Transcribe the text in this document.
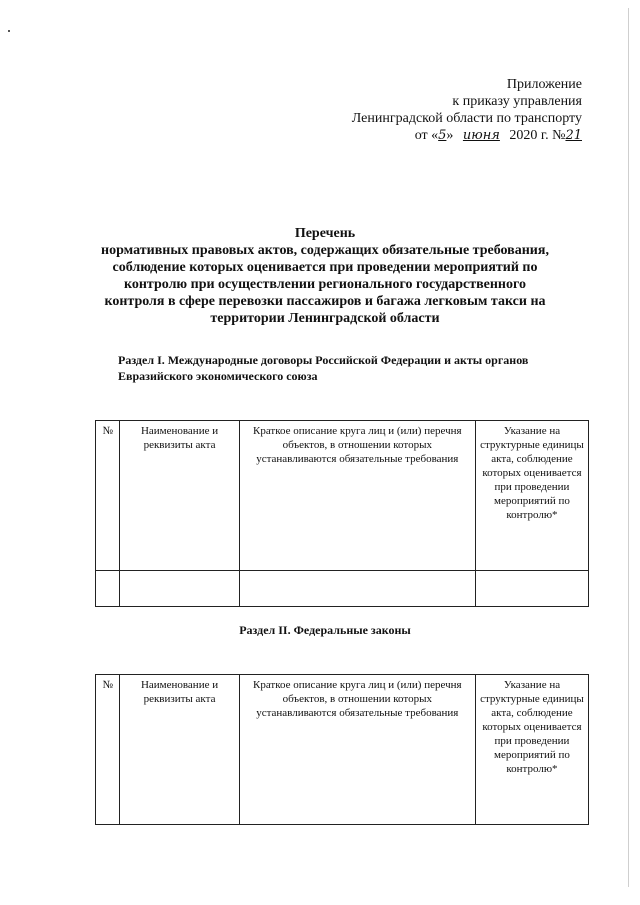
Приложение
к приказу управления
Ленинградской области по транспорту
от «5» июня 2020 г. №21
Перечень
нормативных правовых актов, содержащих обязательные требования,
соблюдение которых оценивается при проведении мероприятий по
контролю при осуществлении регионального государственного
контроля в сфере перевозки пассажиров и багажа легковым такси на
территории Ленинградской области
Раздел I. Международные договоры Российской Федерации и акты органов
Евразийского экономического союза
№	Наименование и реквизиты акта	Краткое описание круга лиц и (или) перечня объектов, в отношении которых устанавливаются обязательные требования	Указание на структурные единицы акта, соблюдение которых оценивается при проведении мероприятий по контролю*

Раздел II. Федеральные законы
№	Наименование и реквизиты акта	Краткое описание круга лиц и (или) перечня объектов, в отношении которых устанавливаются обязательные требования	Указание на структурные единицы акта, соблюдение которых оценивается при проведении мероприятий по контролю*
